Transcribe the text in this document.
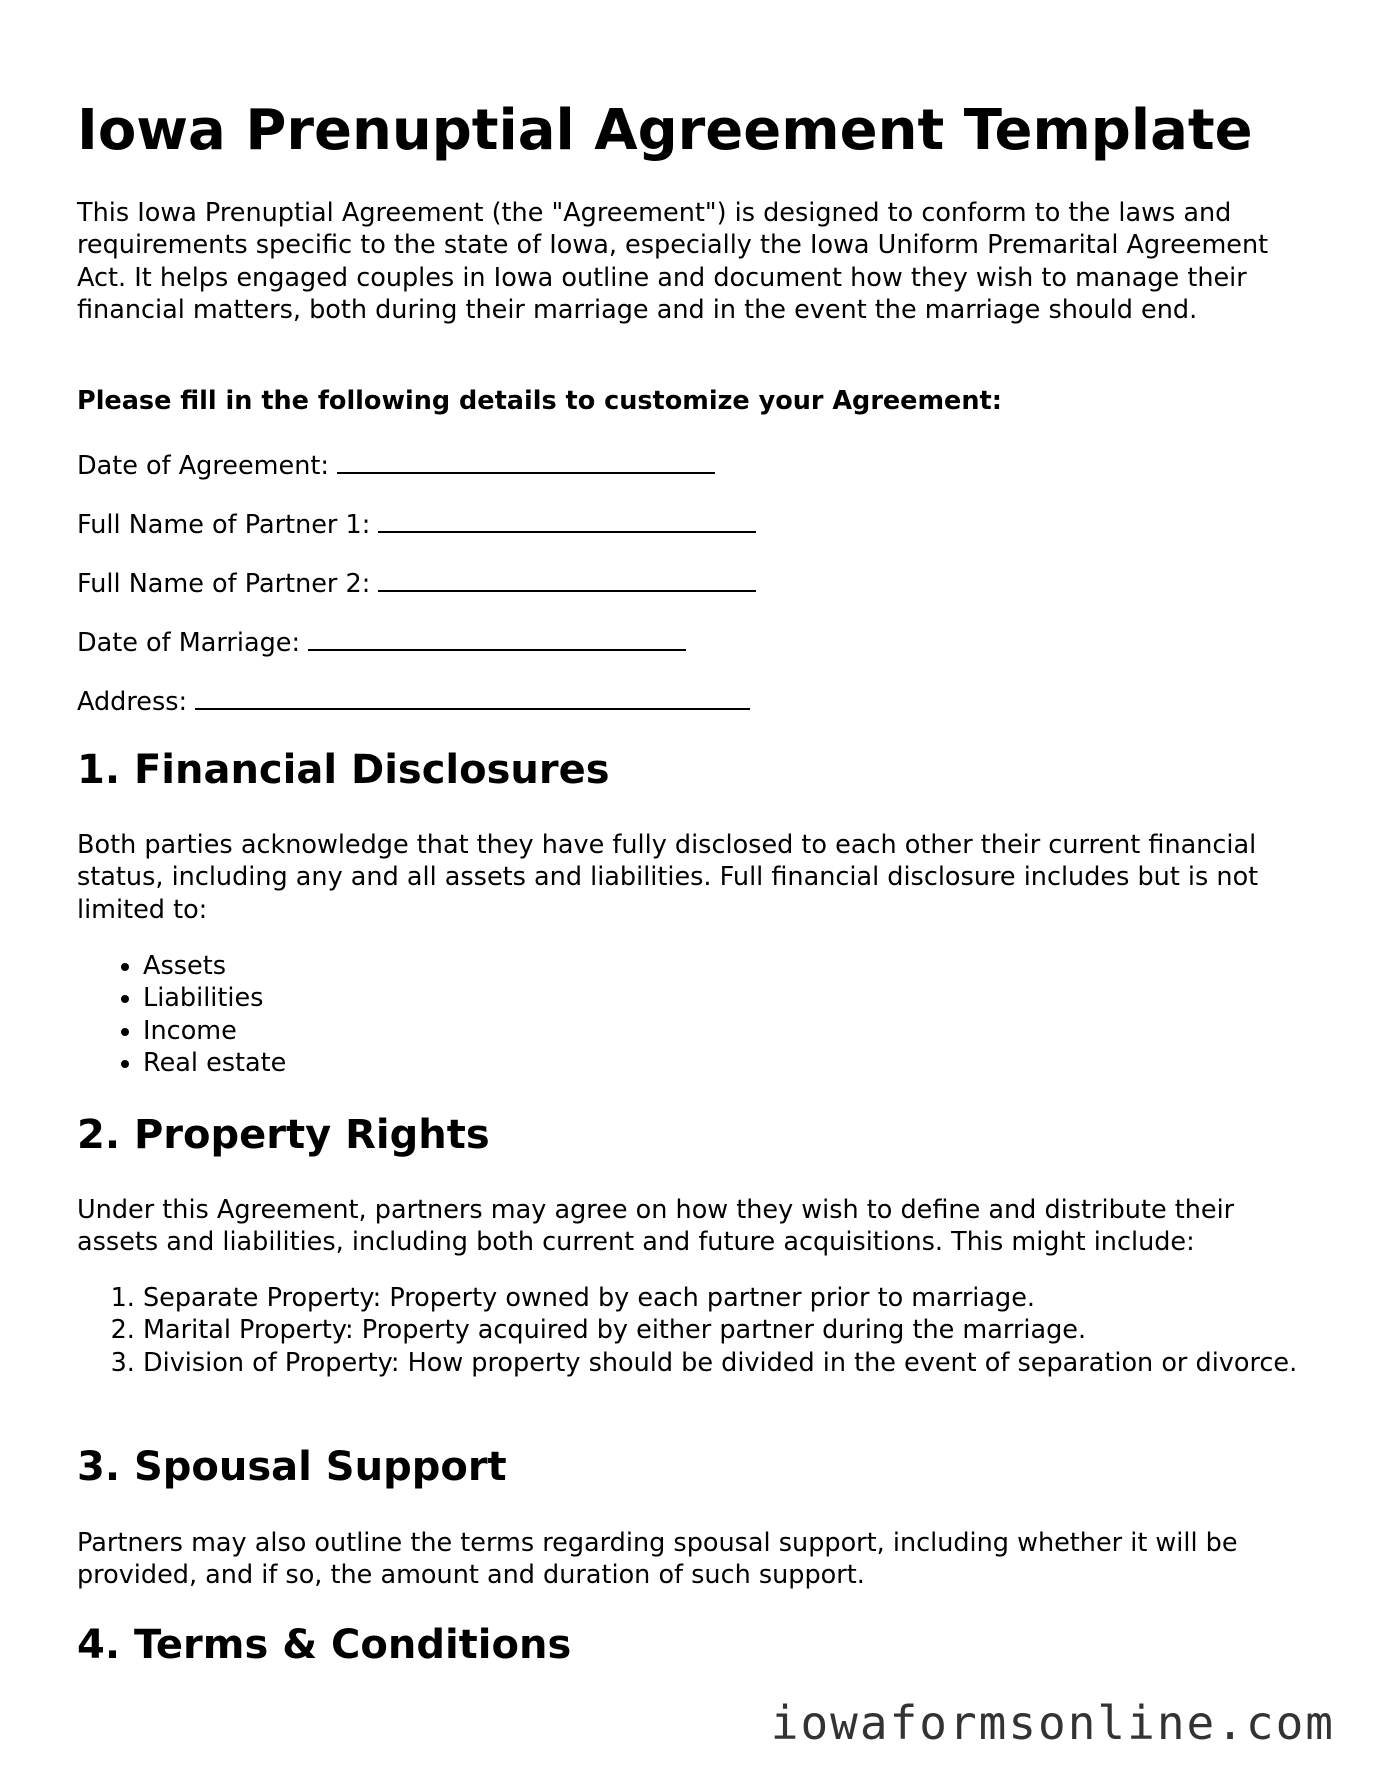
Iowa Prenuptial Agreement Template

This Iowa Prenuptial Agreement (the "Agreement") is designed to conform to the laws and requirements specific to the state of Iowa, especially the Iowa Uniform Premarital Agreement Act. It helps engaged couples in Iowa outline and document how they wish to manage their financial matters, both during their marriage and in the event the marriage should end.

Please fill in the following details to customize your Agreement:

Date of Agreement:
Full Name of Partner 1:
Full Name of Partner 2:
Date of Marriage:
Address:
1. Financial Disclosures

Both parties acknowledge that they have fully disclosed to each other their current financial status, including any and all assets and liabilities. Full financial disclosure includes but is not limited to:

• Assets
• Liabilities
• Income
• Real estate
2. Property Rights

Under this Agreement, partners may agree on how they wish to define and distribute their assets and liabilities, including both current and future acquisitions. This might include:

1. Separate Property: Property owned by each partner prior to marriage.
2. Marital Property: Property acquired by either partner during the marriage.
3. Division of Property: How property should be divided in the event of separation or divorce.
3. Spousal Support

Partners may also outline the terms regarding spousal support, including whether it will be provided, and if so, the amount and duration of such support.

4. Terms & Conditions
iowaformsonline.com
